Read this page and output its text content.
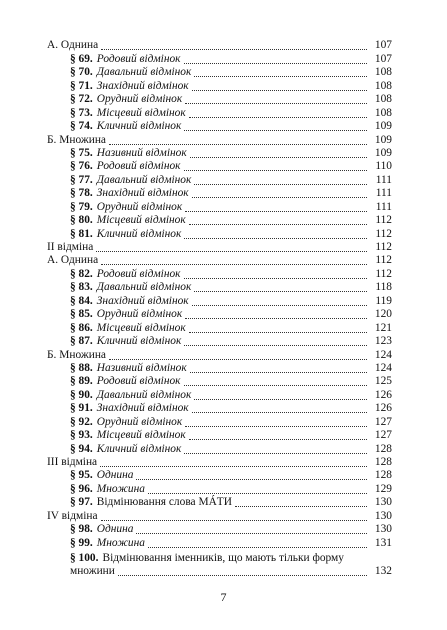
А. Однина	107
§ 69. Родовий відмінок	107
§ 70. Давальний відмінок	108
§ 71. Знахідний відмінок	108
§ 72. Орудний відмінок	108
§ 73. Місцевий відмінок	108
§ 74. Кличний відмінок	109
Б. Множина	109
§ 75. Називний відмінок	109
§ 76. Родовий відмінок	110
§ 77. Давальний відмінок	111
§ 78. Знахідний відмінок	111
§ 79. Орудний відмінок	111
§ 80. Місцевий відмінок	112
§ 81. Кличний відмінок	112
II відміна	112
А. Однина	112
§ 82. Родовий відмінок	112
§ 83. Давальний відмінок	118
§ 84. Знахідний відмінок	119
§ 85. Орудний відмінок	120
§ 86. Місцевий відмінок	121
§ 87. Кличний відмінок	123
Б. Множина	124
§ 88. Називний відмінок	124
§ 89. Родовий відмінок	125
§ 90. Давальний відмінок	126
§ 91. Знахідний відмінок	126
§ 92. Орудний відмінок	127
§ 93. Місцевий відмінок	127
§ 94. Кличний відмінок	128
III відміна	128
§ 95. Однина	128
§ 96. Множина	129
§ 97. Відмінювання слова МÁТИ	130
IV відміна	130
§ 98. Однина	130
§ 99. Множина	131
§ 100. Відмінювання іменників, що мають тільки форму
множини	132
7
